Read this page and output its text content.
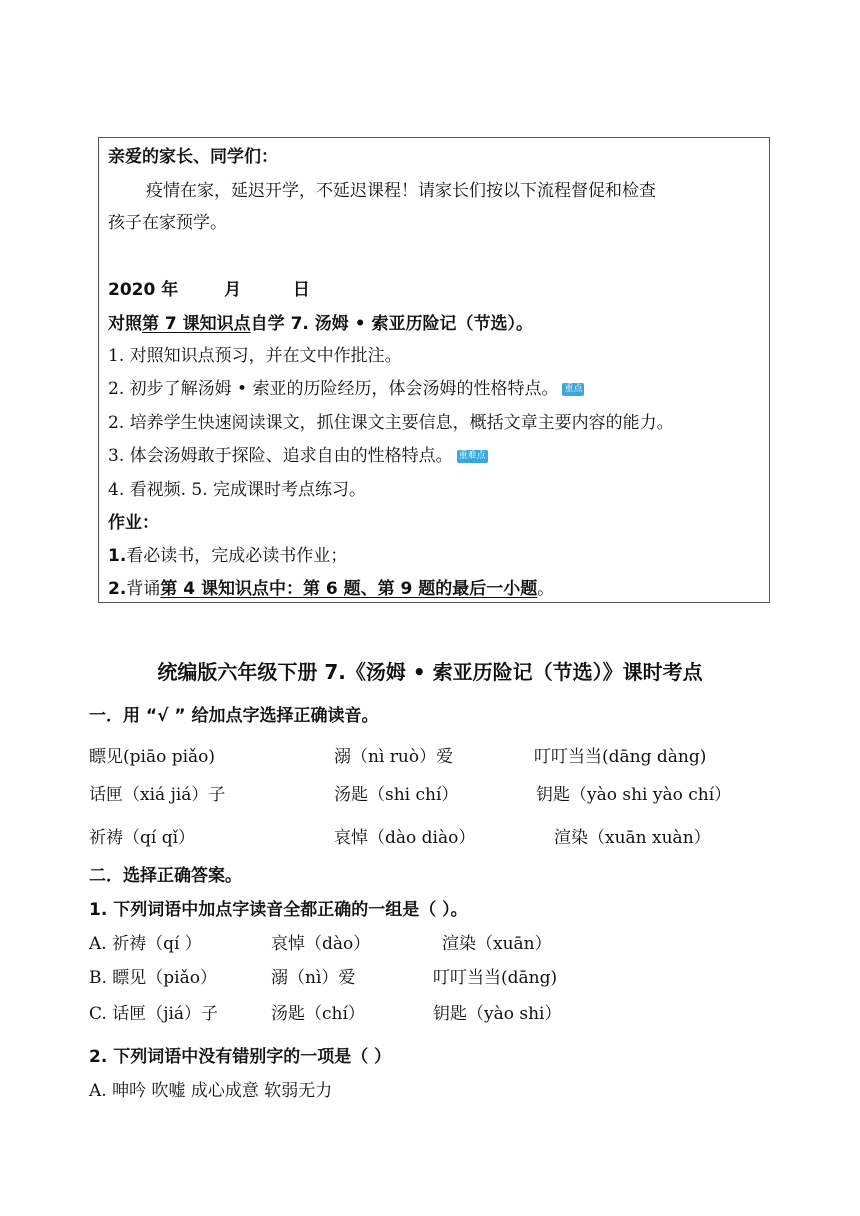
亲爱的家长、同学们：
疫情在家，延迟开学，不延迟课程！请家长们按以下流程督促和检查
孩子在家预学。
2020 年	月	日
对照第 7 课知识点自学 7. 汤姆 • 索亚历险记（节选）。
1. 对照知识点预习，并在文中作批注。
2. 初步了解汤姆 • 索亚的历险经历，体会汤姆的性格特点。 重点
2. 培养学生快速阅读课文，抓住课文主要信息，概括文章主要内容的能力。
3. 体会汤姆敢于探险、追求自由的性格特点。 重难点
4. 看视频. 5. 完成课时考点练习。
作业：
1.看必读书，完成必读书作业；
2.背诵第 4 课知识点中：第 6 题、第 9 题的最后一小题。
统编版六年级下册 7.《汤姆 • 索亚历险记（节选）》课时考点
一．用 “√ ” 给加点字选择正确读音。
瞟见(piāo piǎo)	溺（nì ruò）爱	叮叮当当(dāng dàng)
话匣（xiá jiá）子	汤匙（shi chí）	钥匙（yào shi yào chí）
祈祷（qí qǐ）	哀悼（dào diào）	渲染（xuān xuàn）
二．选择正确答案。
1. 下列词语中加点字读音全都正确的一组是（ ）。
A. 祈祷（qí ）	哀悼（dào）	渲染（xuān）
B. 瞟见（piǎo）	溺（nì）爱	叮叮当当(dāng)
C. 话匣（jiá）子	汤匙（chí）	钥匙（yào shi）
2. 下列词语中没有错别字的一项是（ ）
A. 呻吟 吹嘘 成心成意 软弱无力
